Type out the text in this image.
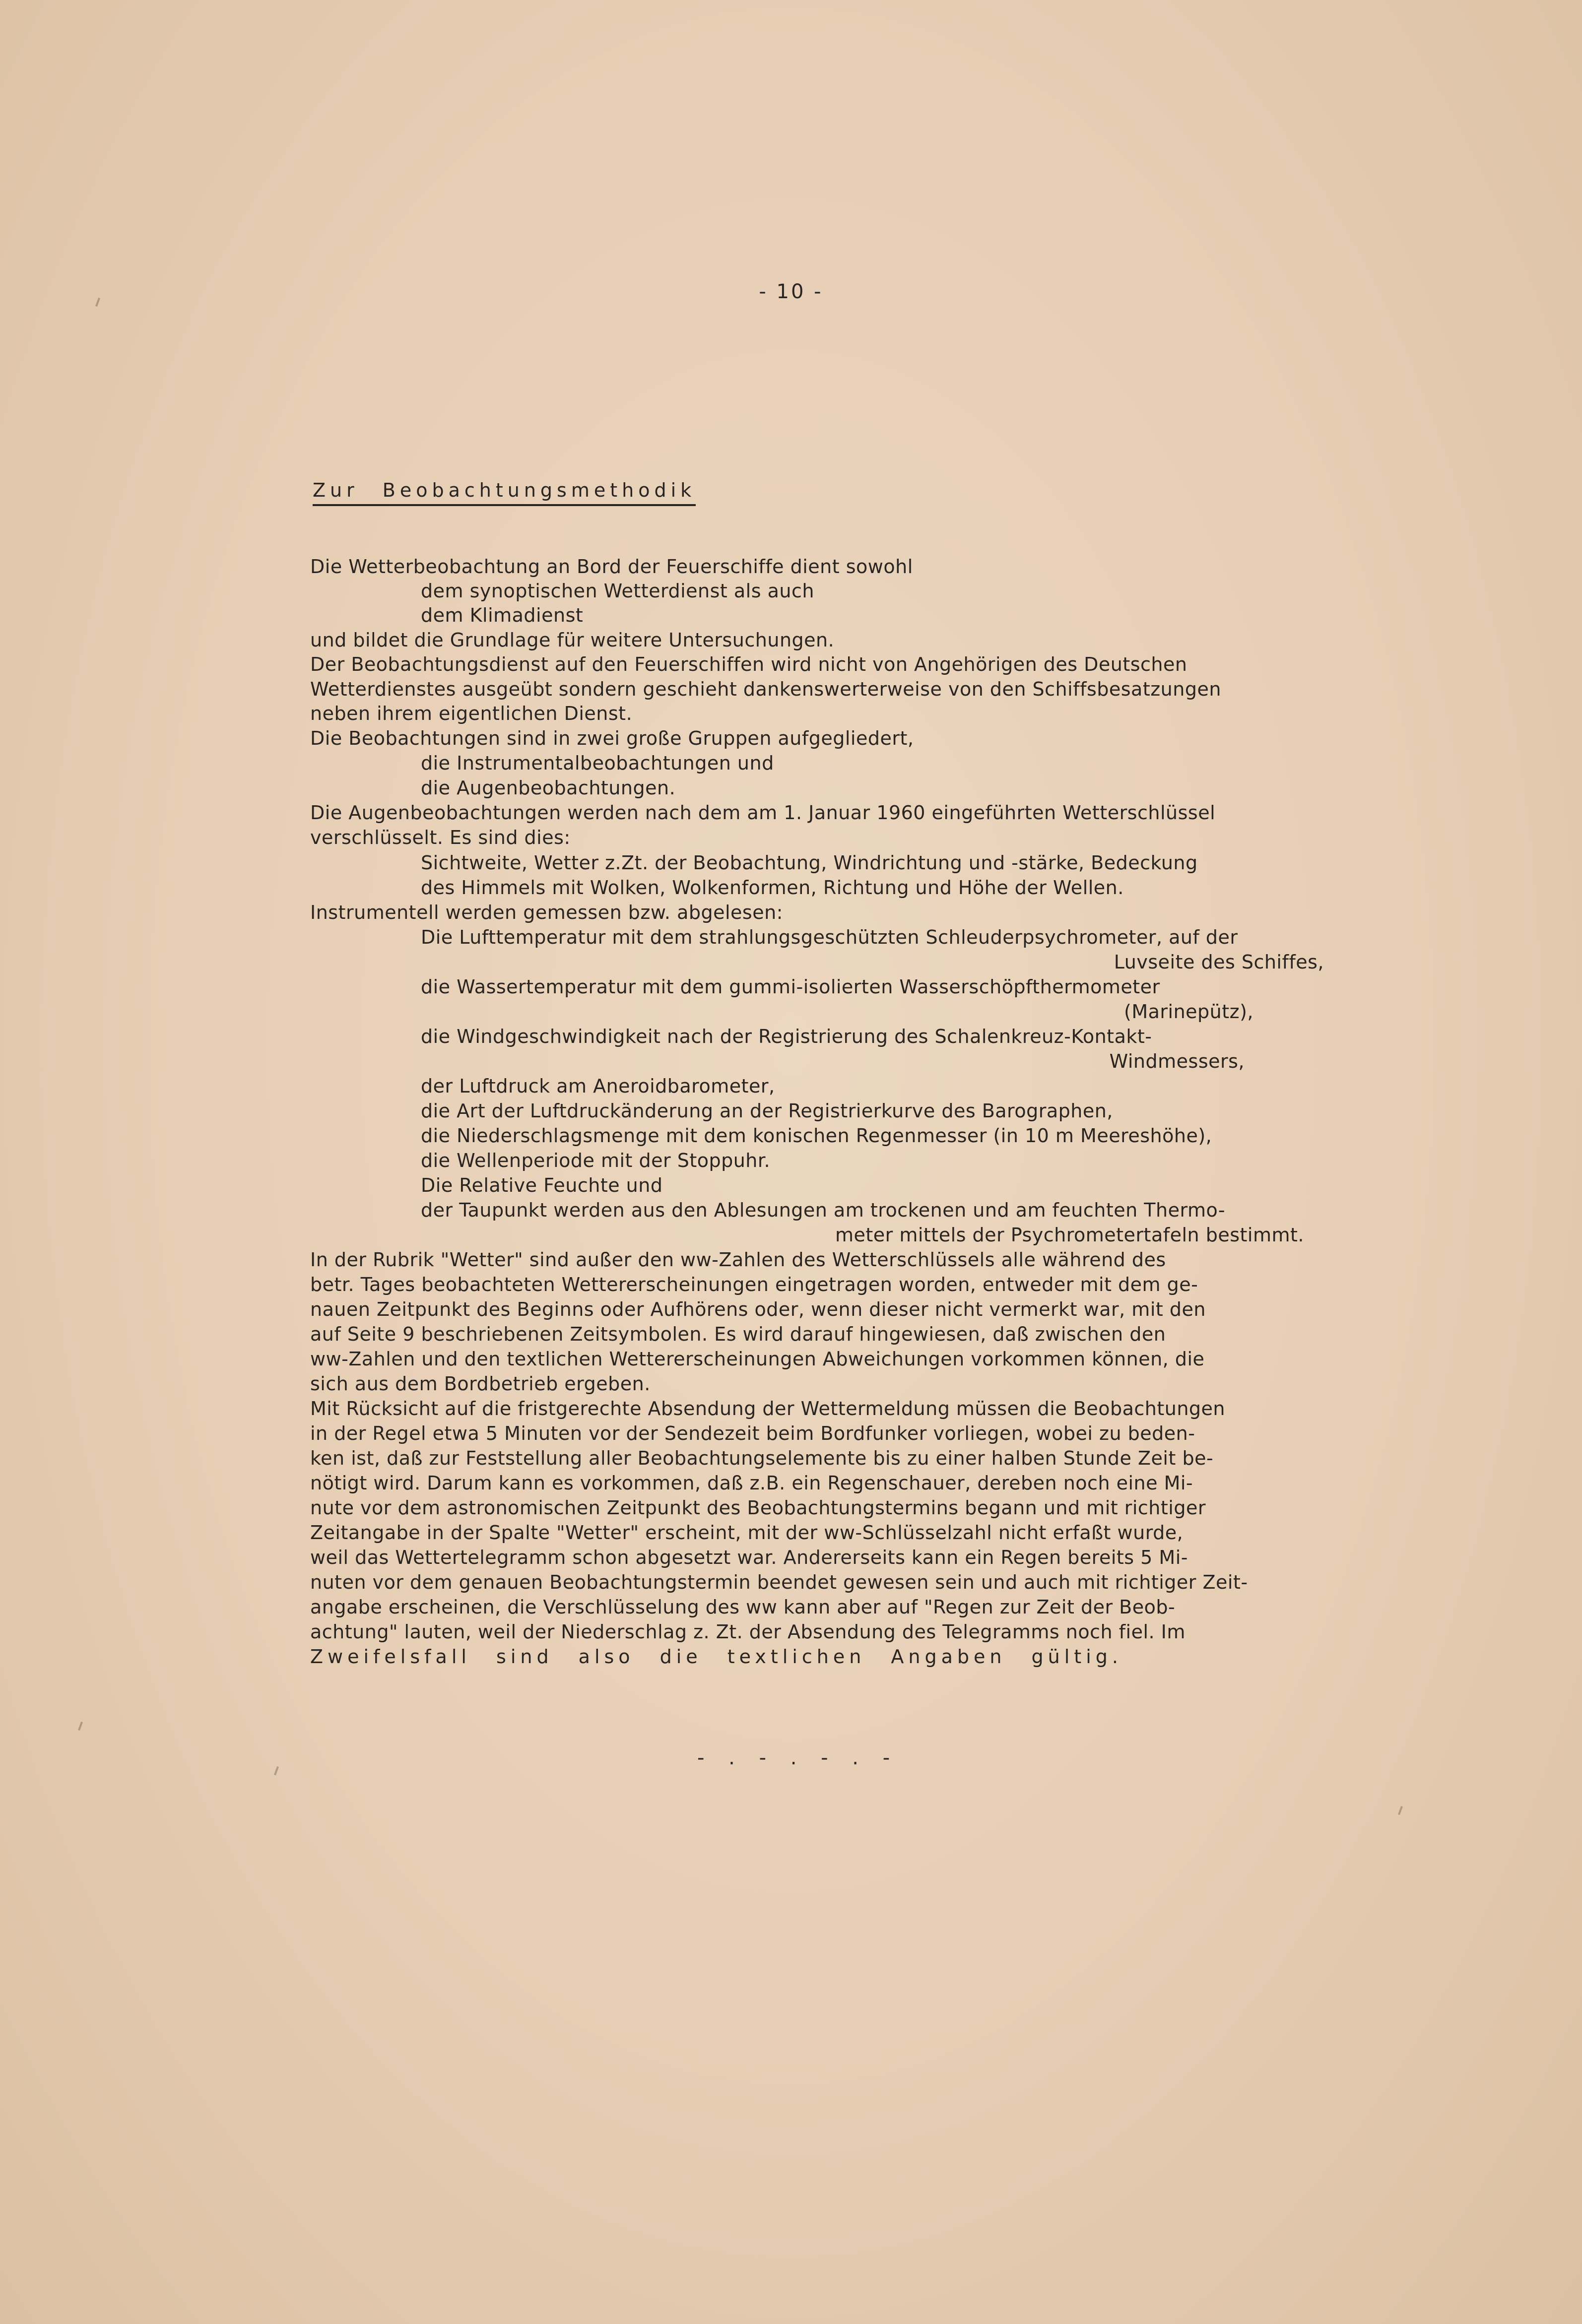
- 10 -
Zur Beobachtungsmethodik
Die Wetterbeobachtung an Bord der Feuerschiffe dient sowohl
dem synoptischen Wetterdienst als auch
dem Klimadienst
und bildet die Grundlage für weitere Untersuchungen.
Der Beobachtungsdienst auf den Feuerschiffen wird nicht von Angehörigen des Deutschen
Wetterdienstes ausgeübt sondern geschieht dankenswerterweise von den Schiffsbesatzungen
neben ihrem eigentlichen Dienst.
Die Beobachtungen sind in zwei große Gruppen aufgegliedert,
die Instrumentalbeobachtungen und
die Augenbeobachtungen.
Die Augenbeobachtungen werden nach dem am 1. Januar 1960 eingeführten Wetterschlüssel
verschlüsselt. Es sind dies:
Sichtweite, Wetter z.Zt. der Beobachtung, Windrichtung und -stärke, Bedeckung
des Himmels mit Wolken, Wolkenformen, Richtung und Höhe der Wellen.
Instrumentell werden gemessen bzw. abgelesen:
Die Lufttemperatur mit dem strahlungsgeschützten Schleuderpsychrometer, auf der
Luvseite des Schiffes,
die Wassertemperatur mit dem gummi-isolierten Wasserschöpfthermometer
(Marinepütz),
die Windgeschwindigkeit nach der Registrierung des Schalenkreuz-Kontakt-
Windmessers,
der Luftdruck am Aneroidbarometer,
die Art der Luftdruckänderung an der Registrierkurve des Barographen,
die Niederschlagsmenge mit dem konischen Regenmesser (in 10 m Meereshöhe),
die Wellenperiode mit der Stoppuhr.
Die Relative Feuchte und
der Taupunkt werden aus den Ablesungen am trockenen und am feuchten Thermo-
meter mittels der Psychrometertafeln bestimmt.
In der Rubrik "Wetter" sind außer den ww-Zahlen des Wetterschlüssels alle während des
betr. Tages beobachteten Wettererscheinungen eingetragen worden, entweder mit dem ge-
nauen Zeitpunkt des Beginns oder Aufhörens oder, wenn dieser nicht vermerkt war, mit den
auf Seite 9 beschriebenen Zeitsymbolen. Es wird darauf hingewiesen, daß zwischen den
ww-Zahlen und den textlichen Wettererscheinungen Abweichungen vorkommen können, die
sich aus dem Bordbetrieb ergeben.
Mit Rücksicht auf die fristgerechte Absendung der Wettermeldung müssen die Beobachtungen
in der Regel etwa 5 Minuten vor der Sendezeit beim Bordfunker vorliegen, wobei zu beden-
ken ist, daß zur Feststellung aller Beobachtungselemente bis zu einer halben Stunde Zeit be-
nötigt wird. Darum kann es vorkommen, daß z.B. ein Regenschauer, dereben noch eine Mi-
nute vor dem astronomischen Zeitpunkt des Beobachtungstermins begann und mit richtiger
Zeitangabe in der Spalte "Wetter" erscheint, mit der ww-Schlüsselzahl nicht erfaßt wurde,
weil das Wettertelegramm schon abgesetzt war. Andererseits kann ein Regen bereits 5 Mi-
nuten vor dem genauen Beobachtungstermin beendet gewesen sein und auch mit richtiger Zeit-
angabe erscheinen, die Verschlüsselung des ww kann aber auf "Regen zur Zeit der Beob-
achtung" lauten, weil der Niederschlag z. Zt. der Absendung des Telegramms noch fiel. Im
Zweifelsfall sind also die textlichen Angaben gültig.
- . - . - . -
